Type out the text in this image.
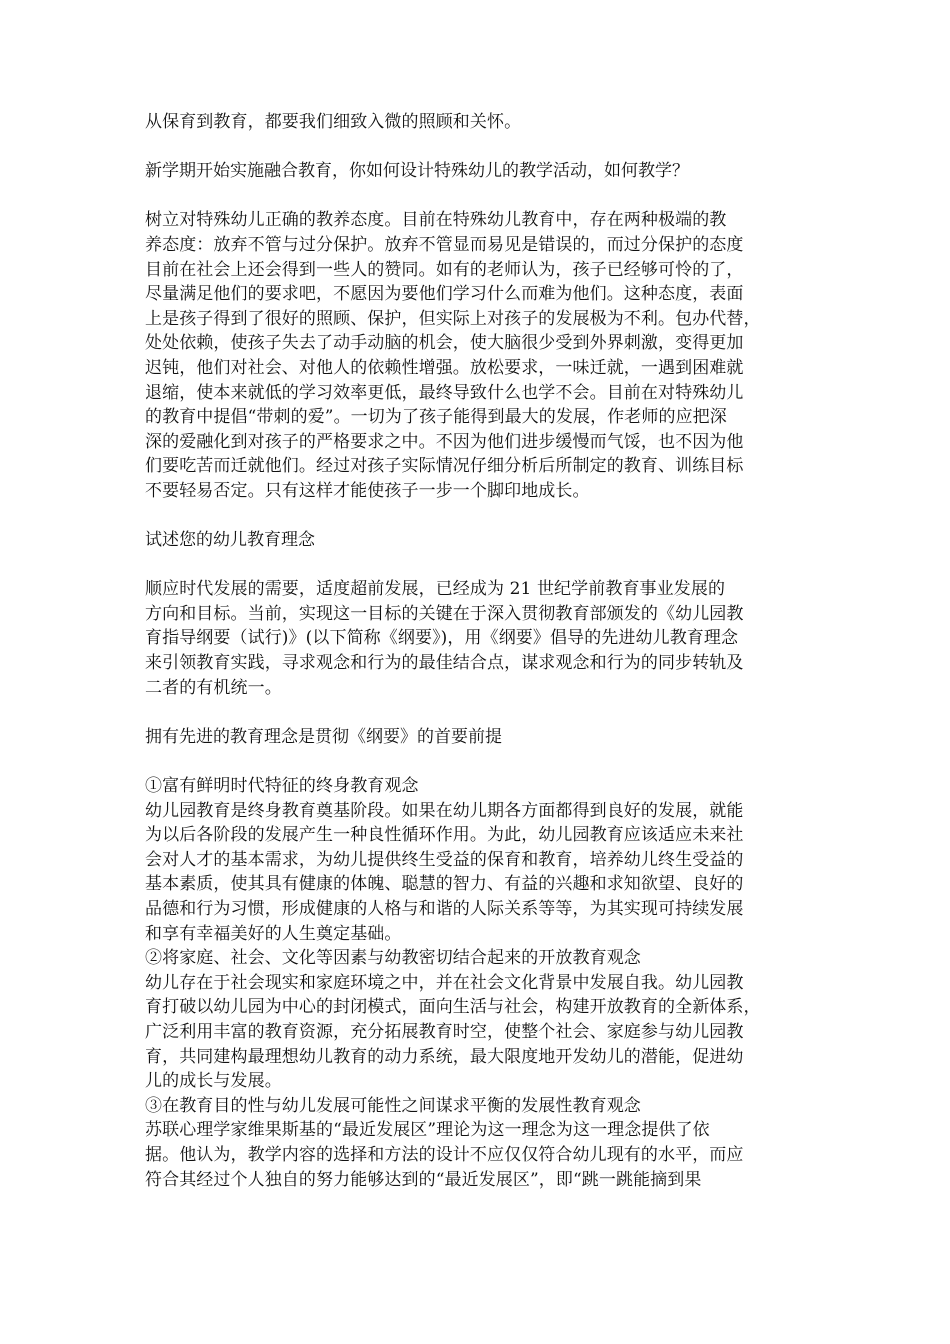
从保育到教育，都要我们细致入微的照顾和关怀。
新学期开始实施融合教育，你如何设计特殊幼儿的教学活动，如何教学？
树立对特殊幼儿正确的教养态度。目前在特殊幼儿教育中，存在两种极端的教
养态度：放弃不管与过分保护。放弃不管显而易见是错误的，而过分保护的态度
目前在社会上还会得到一些人的赞同。如有的老师认为，孩子已经够可怜的了，
尽量满足他们的要求吧，不愿因为要他们学习什么而难为他们。这种态度，表面
上是孩子得到了很好的照顾、保护，但实际上对孩子的发展极为不利。包办代替，
处处依赖，使孩子失去了动手动脑的机会，使大脑很少受到外界刺激，变得更加
迟钝，他们对社会、对他人的依赖性增强。放松要求，一味迁就，一遇到困难就
退缩，使本来就低的学习效率更低，最终导致什么也学不会。目前在对特殊幼儿
的教育中提倡“带刺的爱”。一切为了孩子能得到最大的发展，作老师的应把深
深的爱融化到对孩子的严格要求之中。不因为他们进步缓慢而气馁，也不因为他
们要吃苦而迁就他们。经过对孩子实际情况仔细分析后所制定的教育、训练目标
不要轻易否定。只有这样才能使孩子一步一个脚印地成长。
试述您的幼儿教育理念
顺应时代发展的需要，适度超前发展，已经成为 21 世纪学前教育事业发展的
方向和目标。当前，实现这一目标的关键在于深入贯彻教育部颁发的《幼儿园教
育指导纲要（试行)》(以下简称《纲要》)，用《纲要》倡导的先进幼儿教育理念
来引领教育实践，寻求观念和行为的最佳结合点，谋求观念和行为的同步转轨及
二者的有机统一。
拥有先进的教育理念是贯彻《纲要》的首要前提
①富有鲜明时代特征的终身教育观念
幼儿园教育是终身教育奠基阶段。如果在幼儿期各方面都得到良好的发展，就能
为以后各阶段的发展产生一种良性循环作用。为此，幼儿园教育应该适应未来社
会对人才的基本需求，为幼儿提供终生受益的保育和教育，培养幼儿终生受益的
基本素质，使其具有健康的体魄、聪慧的智力、有益的兴趣和求知欲望、良好的
品德和行为习惯，形成健康的人格与和谐的人际关系等等，为其实现可持续发展
和享有幸福美好的人生奠定基础。
②将家庭、社会、文化等因素与幼教密切结合起来的开放教育观念
幼儿存在于社会现实和家庭环境之中，并在社会文化背景中发展自我。幼儿园教
育打破以幼儿园为中心的封闭模式，面向生活与社会，构建开放教育的全新体系，
广泛利用丰富的教育资源，充分拓展教育时空，使整个社会、家庭参与幼儿园教
育，共同建构最理想幼儿教育的动力系统，最大限度地开发幼儿的潜能，促进幼
儿的成长与发展。
③在教育目的性与幼儿发展可能性之间谋求平衡的发展性教育观念
苏联心理学家维果斯基的“最近发展区”理论为这一理念为这一理念提供了依
据。他认为，教学内容的选择和方法的设计不应仅仅符合幼儿现有的水平，而应
符合其经过个人独自的努力能够达到的“最近发展区”，即“跳一跳能摘到果
